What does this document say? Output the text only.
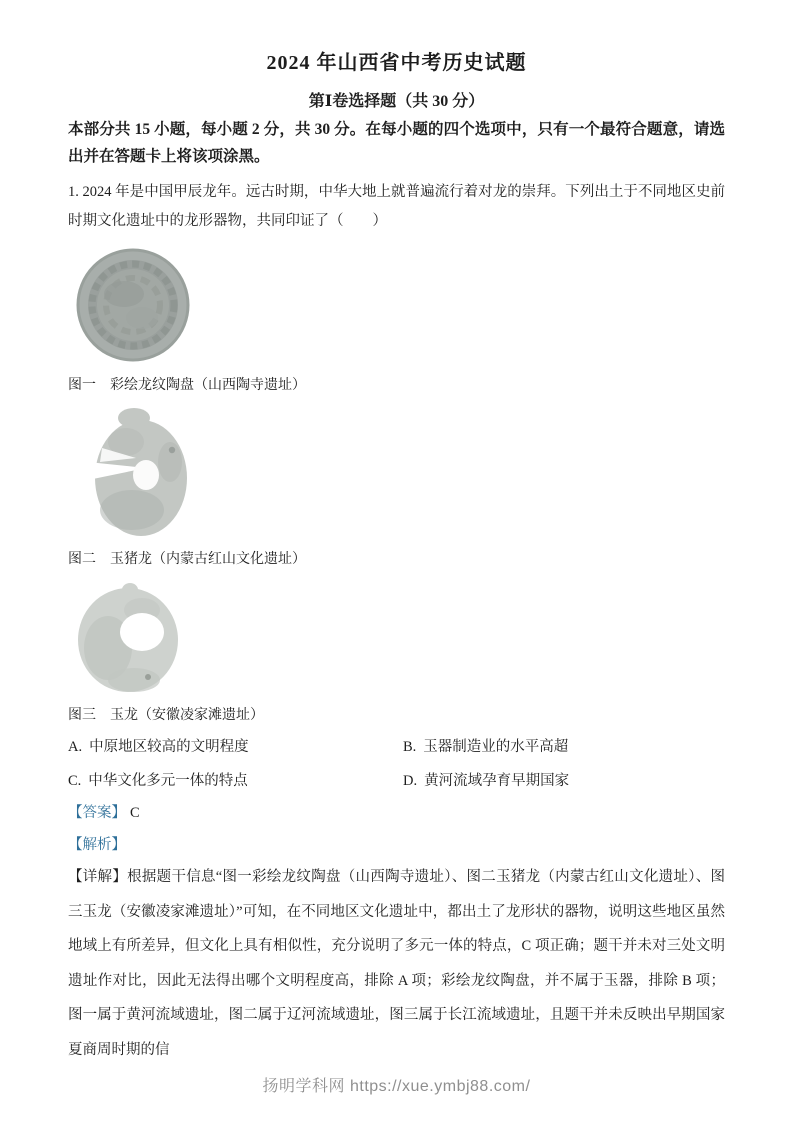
2024 年山西省中考历史试题
第Ⅰ卷选择题（共 30 分）

本部分共 15 小题，每小题 2 分，共 30 分。在每小题的四个选项中，只有一个最符合题意，请选出并在答题卡上将该项涂黑。

1. 2024 年是中国甲辰龙年。远古时期，中华大地上就普遍流行着对龙的崇拜。下列出土于不同地区史前时期文化遗址中的龙形器物，共同印证了（　　）

图一 彩绘龙纹陶盘（山西陶寺遗址）

图二 玉猪龙（内蒙古红山文化遗址）

图三 玉龙（安徽凌家滩遗址）

A. 中原地区较高的文明程度	B. 玉器制造业的水平高超

C. 中华文化多元一体的特点	D. 黄河流域孕育早期国家

【答案】 C

【解析】

【详解】根据题干信息“图一彩绘龙纹陶盘（山西陶寺遗址）、图二玉猪龙（内蒙古红山文化遗址）、图三玉龙（安徽凌家滩遗址）”可知，在不同地区文化遗址中，都出土了龙形状的器物，说明这些地区虽然地域上有所差异，但文化上具有相似性，充分说明了多元一体的特点，C 项正确；题干并未对三处文明遗址作对比，因此无法得出哪个文明程度高，排除 A 项；彩绘龙纹陶盘，并不属于玉器，排除 B 项；图一属于黄河流域遗址，图二属于辽河流域遗址，图三属于长江流域遗址，且题干并未反映出早期国家夏商周时期的信

扬明学科网 https://xue.ymbj88.com/
